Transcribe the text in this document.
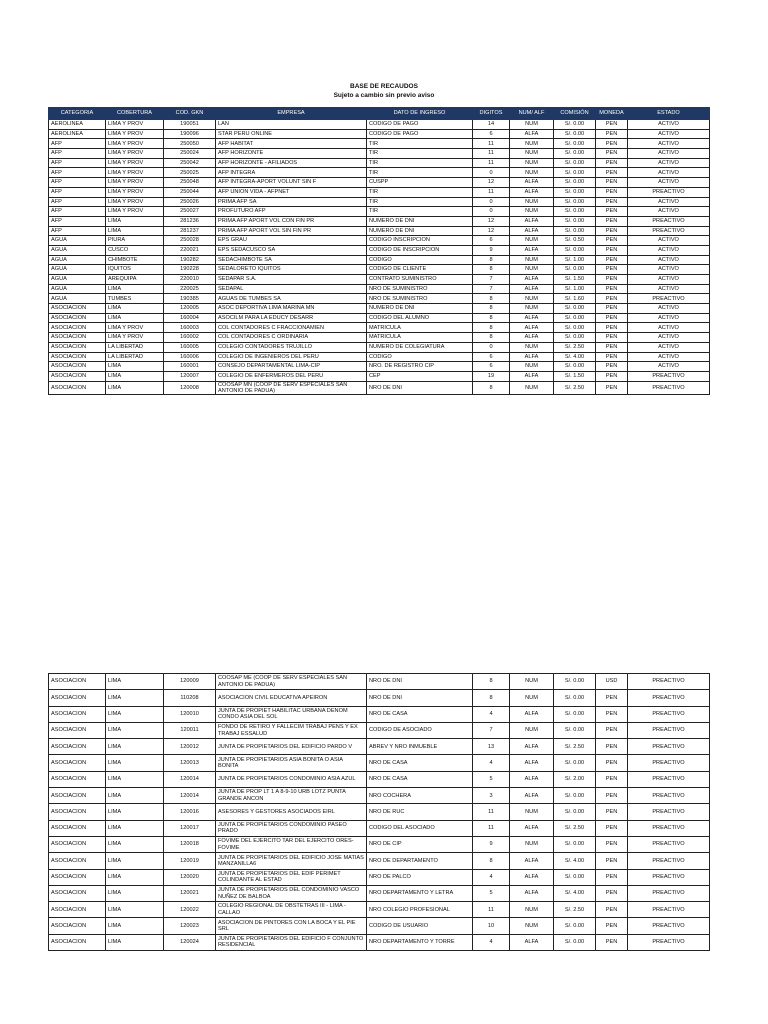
BASE DE RECAUDOS
Sujeto a cambio sin previo aviso
CATEGORIA	COBERTURA	COD. GKN	EMPRESA	DATO DE INGRESO	DIGITOS	NUM/ ALF	COMISIÓN	MONEDA	ESTADO
AEROLINEA	LIMA Y PROV	190051	LAN	CODIGO DE PAGO	14	NUM	S/. 0.00	PEN	ACTIVO
AEROLINEA	LIMA Y PROV	190096	STAR PERU ONLINE	CODIGO DE PAGO	6	ALFA	S/. 0.00	PEN	ACTIVO
AFP	LIMA Y PROV	250050	AFP HABITAT	TIR	11	NUM	S/. 0.00	PEN	ACTIVO
AFP	LIMA Y PROV	250024	AFP HORIZONTE	TIR	11	NUM	S/. 0.00	PEN	ACTIVO
AFP	LIMA Y PROV	250042	AFP HORIZONTE - AFILIADOS	TIR	11	NUM	S/. 0.00	PEN	ACTIVO
AFP	LIMA Y PROV	250025	AFP INTEGRA	TIR	0	NUM	S/. 0.00	PEN	ACTIVO
AFP	LIMA Y PROV	250048	AFP INTEGRA-APORT VOLUNT SIN F	CUSPP	12	ALFA	S/. 0.00	PEN	ACTIVO
AFP	LIMA Y PROV	250044	AFP UNION VIDA - AFPNET	TIR	11	ALFA	S/. 0.00	PEN	PREACTIVO
AFP	LIMA Y PROV	250026	PRIMA AFP SA	TIR	0	NUM	S/. 0.00	PEN	ACTIVO
AFP	LIMA Y PROV	250027	PROFUTURO AFP	TIR	0	NUM	S/. 0.00	PEN	ACTIVO
AFP	LIMA	281236	PRIMA AFP APORT VOL CON FIN PR	NUMERO DE DNI	12	ALFA	S/. 0.00	PEN	PREACTIVO
AFP	LIMA	281237	PRIMA AFP APORT VOL SIN FIN PR	NUMERO DE DNI	12	ALFA	S/. 0.00	PEN	PREACTIVO
AGUA	PIURA	250028	EPS GRAU	CODIGO INSCRIPCION	6	NUM	S/. 0.50	PEN	ACTIVO
AGUA	CUSCO	220021	EPS SEDACUSCO SA	CODIGO DE INSCRIPCION	9	ALFA	S/. 0.00	PEN	ACTIVO
AGUA	CHIMBOTE	190282	SEDACHIMBOTE SA	CODIGO	8	NUM	S/. 1.00	PEN	ACTIVO
AGUA	IQUITOS	190228	SEDALORETO IQUITOS	CODIGO DE CLIENTE	8	NUM	S/. 0.00	PEN	ACTIVO
AGUA	AREQUIPA	220010	SEDAPAR S.A.	CONTRATO SUMINISTRO	7	ALFA	S/. 1.50	PEN	ACTIVO
AGUA	LIMA	220025	SEDAPAL	NRO DE SUMINISTRO	7	ALFA	S/. 1.00	PEN	ACTIVO
AGUA	TUMBES	190385	AGUAS DE TUMBES SA	NRO DE SUMINISTRO	8	NUM	S/. 1.60	PEN	PREACTIVO
ASOCIACION	LIMA	120005	ASOC DEPORTIVA LIMA MARINA MN	NUMERO DE DNI	8	NUM	S/. 0.00	PEN	ACTIVO
ASOCIACION	LIMA	160004	ASOCILM PARA LA EDUCY DESARR	CODIGO DEL ALUMNO	8	ALFA	S/. 0.00	PEN	ACTIVO
ASOCIACION	LIMA Y PROV	160003	COL CONTADORES C FRACCIONAMIEN	MATRICULA	8	ALFA	S/. 0.00	PEN	ACTIVO
ASOCIACION	LIMA Y PROV	160002	COL CONTADORES C ORDINARIA	MATRICULA	8	ALFA	S/. 0.00	PEN	ACTIVO
ASOCIACION	LA LIBERTAD	160005	COLEGIO CONTADORES TRUJILLO	NUMERO DE COLEGIATURA	0	NUM	S/. 2.50	PEN	ACTIVO
ASOCIACION	LA LIBERTAD	160006	COLEGIO DE INGENIEROS DEL PERU	CODIGO	6	ALFA	S/. 4.00	PEN	ACTIVO
ASOCIACION	LIMA	160001	CONSEJO DEPARTAMENTAL LIMA-CIP	NRO. DE REGISTRO CIP	6	NUM	S/. 0.00	PEN	ACTIVO
ASOCIACION	LIMA	120007	COLEGIO DE ENFERMEROS DEL PERU	CEP	19	ALFA	S/. 1.50	PEN	PREACTIVO
ASOCIACION	LIMA	120008	COOSAP MN (COOP DE SERV ESPECIALES SAN ANTONIO DE PADUA)	NRO DE DNI	8	NUM	S/. 2.50	PEN	PREACTIVO
ASOCIACION	LIMA	120009	COOSAP ME (COOP DE SERV ESPECIALES SAN ANTONIO DE PADUA)	NRO DE DNI	8	NUM	S/. 0.00	USD	PREACTIVO
ASOCIACION	LIMA	110208	ASOCIACION CIVIL EDUCATIVA APEIRON	NRO DE DNI	8	NUM	S/. 0.00	PEN	PREACTIVO
ASOCIACION	LIMA	120010	JUNTA DE PROPIET HABILITAC URBANA DENOM CONDO ASIA DEL SOL	NRO DE CASA	4	ALFA	S/. 0.00	PEN	PREACTIVO
ASOCIACION	LIMA	120011	FONDO DE RETIRO Y FALLECIM TRABAJ PENS Y EX TRABAJ ESSALUD	CODIGO DE ASOCIADO	7	NUM	S/. 0.00	PEN	PREACTIVO
ASOCIACION	LIMA	120012	JUNTA DE PROPIETARIOS DEL EDIFICIO PARDO V	ABREV Y NRO INMUEBLE	13	ALFA	S/. 2.50	PEN	PREACTIVO
ASOCIACION	LIMA	120013	JUNTA DE PROPIETARIOS ASIA BONITA O ASIA BONITA	NRO DE CASA	4	ALFA	S/. 0.00	PEN	PREACTIVO
ASOCIACION	LIMA	120014	JUNTA DE PROPIETARIOS CONDOMINIO ASIA AZUL	NRO DE CASA	5	ALFA	S/. 2.00	PEN	PREACTIVO
ASOCIACION	LIMA	120014	JUNTA DE PROP LT 1 A 8-9-10 URB LOTZ PUNTA GRANDE ANCON	NRO COCHERA	3	ALFA	S/. 0.00	PEN	PREACTIVO
ASOCIACION	LIMA	120016	ASESORES Y GESTORES ASOCIADOS EIRL	NRO DE RUC	11	NUM	S/. 0.00	PEN	PREACTIVO
ASOCIACION	LIMA	120017	JUNTA DE PROPIETARIOS CONDOMINIO PASEO PRADO	CODIGO DEL ASOCIADO	11	ALFA	S/. 2.50	PEN	PREACTIVO
ASOCIACION	LIMA	120018	FOVIME DEL EJERCITO TAR DEL EJERCITO ORES-FOVIME	NRO DE CIP	9	NUM	S/. 0.00	PEN	PREACTIVO
ASOCIACION	LIMA	120019	JUNTA DE PROPIETARIOS DEL EDIFICIO JOSE MATIAS MANZANILLA6	NRO DE DEPARTAMENTO	8	ALFA	S/. 4.00	PEN	PREACTIVO
ASOCIACION	LIMA	120020	JUNTA DE PROPIETARIOS DEL EDIF PERIMET COLINDANTE AL ESTAD	NRO DE PALCO	4	ALFA	S/. 0.00	PEN	PREACTIVO
ASOCIACION	LIMA	120021	JUNTA DE PROPIETARIOS DEL CONDOMINIO VASCO NUÑEZ DE BALBOA	NRO DEPARTAMENTO Y LETRA	5	ALFA	S/. 4.00	PEN	PREACTIVO
ASOCIACION	LIMA	120022	COLEGIO REGIONAL DE OBSTETRAS III - LIMA - CALLAO	NRO COLEGIO PROFESIONAL	11	NUM	S/. 2.50	PEN	PREACTIVO
ASOCIACION	LIMA	120023	ASOCIACION DE PINTORES CON LA BOCA Y EL PIE SRL	CODIGO DE USUARIO	10	NUM	S/. 0.00	PEN	PREACTIVO
ASOCIACION	LIMA	120024	JUNTA DE PROPIETARIOS DEL EDIFICIO F CONJUNTO RESIDENCIAL	NRO DEPARTAMENTO Y TORRE	4	ALFA	S/. 0.00	PEN	PREACTIVO
